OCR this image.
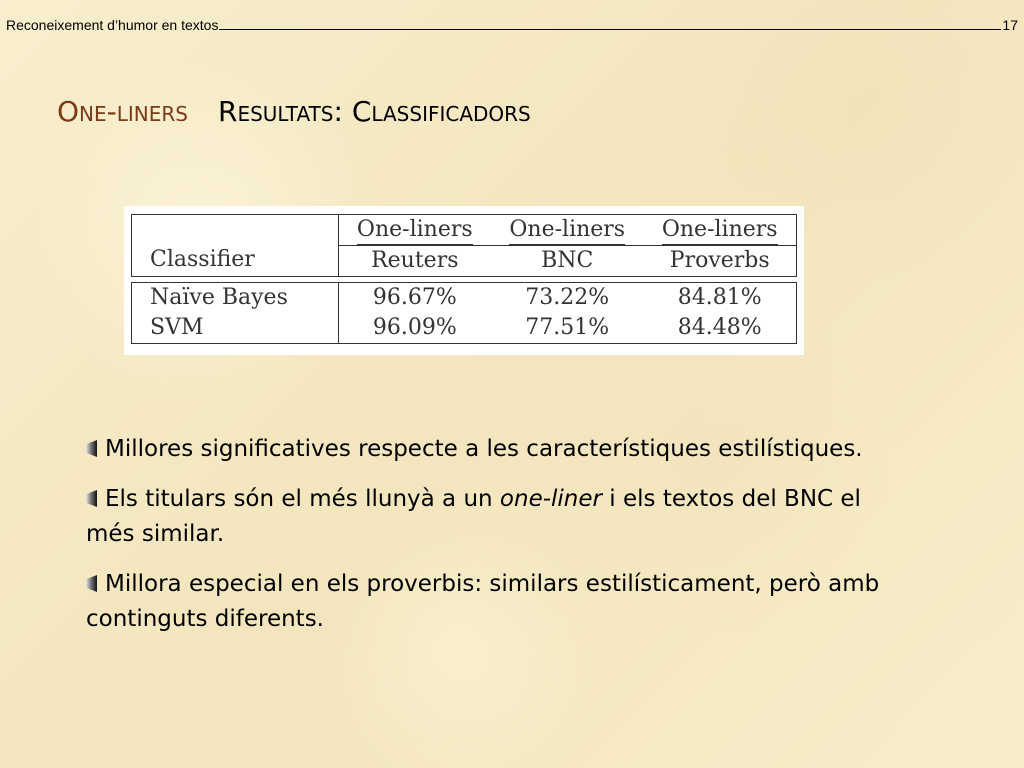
Reconeixement d’humor en textos	17
One-liners Resultats: Classificadors
Classifier	One-liners	One-liners	One-liners
	Reuters	BNC	Proverbs

Naïve Bayes	96.67%	73.22%	84.81%
SVM	96.09%	77.51%	84.48%
Millores significatives respecte a les característiques estilístiques.
Els titulars són el més llunyà a un one-liner i els textos del BNC el més similar.
Millora especial en els proverbis: similars estilísticament, però amb continguts diferents.
